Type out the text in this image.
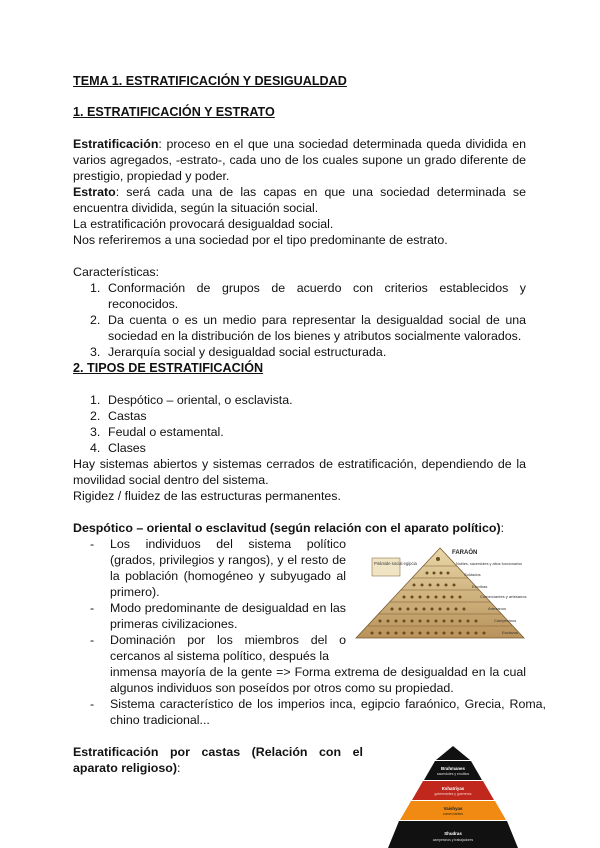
TEMA 1. ESTRATIFICACIÓN Y DESIGUALDAD
1. ESTRATIFICACIÓN Y ESTRATO
Estratificación: proceso en el que una sociedad determinada queda dividida en varios agregados, -estrato-, cada uno de los cuales supone un grado diferente de prestigio, propiedad y poder.
Estrato: será cada una de las capas en que una sociedad determinada se encuentra dividida, según la situación social.
La estratificación provocará desigualdad social.
Nos referiremos a una sociedad por el tipo predominante de estrato.
Características:
1. Conformación de grupos de acuerdo con criterios establecidos y reconocidos.
2. Da cuenta o es un medio para representar la desigualdad social de una sociedad en la distribución de los bienes y atributos socialmente valorados.
3. Jerarquía social y desigualdad social estructurada.
2. TIPOS DE ESTRATIFICACIÓN
1. Despótico – oriental, o esclavista.
2. Castas
3. Feudal o estamental.
4. Clases
Hay sistemas abiertos y sistemas cerrados de estratificación, dependiendo de la movilidad social dentro del sistema.
Rigidez / fluidez de las estructuras permanentes.
Despótico – oriental o esclavitud (según relación con el aparato político):
- Los individuos del sistema político (grados, privilegios y rangos), y el resto de la población (homogéneo y subyugado al primero).
- Modo predominante de desigualdad en las primeras civilizaciones.
- Dominación por los miembros del o cercanos al sistema político, después la
inmensa mayoría de la gente => Forma extrema de desigualdad en la cual algunos individuos son poseídos por otros como su propiedad.
- Sistema característico de los imperios inca, egipcio faraónico, Grecia, Roma, chino tradicional...
FARAÓN
Nobles, sacerdotes y altos funcionarios
Soldados
Escribas
Comerciantes y artesanos
Artesanos
Campesinos
Esclavos
Pirámide social egipcia
Estratificación por castas (Relación con el aparato religioso):	Brahmanes
sacerdotes y eruditos
Kshatriyas
gobernantes y guerreros
Vaishyas
comerciantes
Shudras
campesinos y trabajadores
